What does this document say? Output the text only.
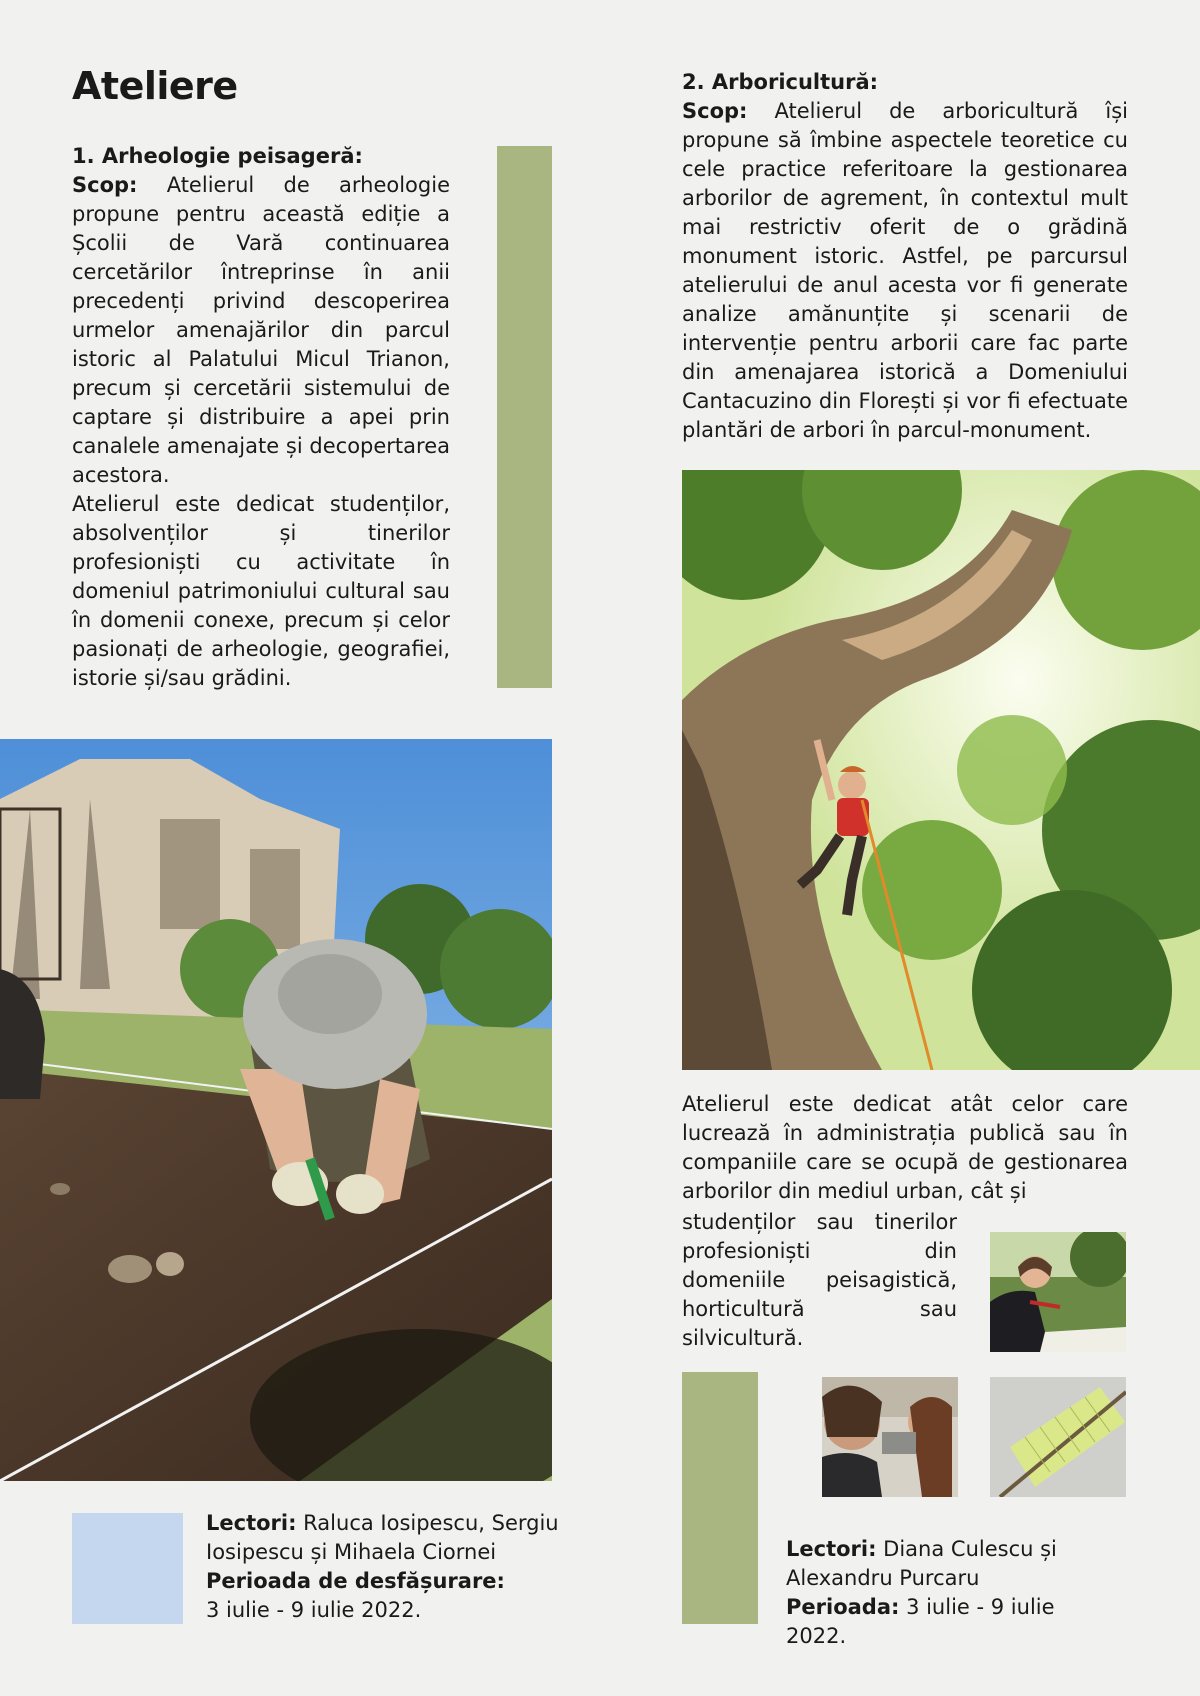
Ateliere

1. Arheologie peisageră:
Scop: Atelierul de arheologie propune pentru această ediție a Școlii de Vară continuarea cercetărilor întreprinse în anii precedenți privind descoperirea urmelor amenajărilor din parcul istoric al Palatului Micul Trianon, precum și cercetării sistemului de captare și distribuire a apei prin canalele amenajate și decopertarea acestora.

Atelierul este dedicat studenților, absolvenților și tinerilor profesioniști cu activitate în domeniul patrimoniului cultural sau în domenii conexe, precum și celor pasionați de arheologie, geografiei, istorie și/sau grădini.

Lectori: Raluca Iosipescu, Sergiu Iosipescu și Mihaela Ciornei
Perioada de desfășurare:
3 iulie - 9 iulie 2022.

2. Arboricultură:
Scop: Atelierul de arboricultură își propune să îmbine aspectele teoretice cu cele practice referitoare la gestionarea arborilor de agrement, în contextul mult mai restrictiv oferit de o grădină monument istoric. Astfel, pe parcursul atelierului de anul acesta vor fi generate analize amănunțite și scenarii de intervenție pentru arborii care fac parte din amenajarea istorică a Domeniului Cantacuzino din Florești și vor fi efectuate plantări de arbori în parcul-monument.

Atelierul este dedicat atât celor care lucrează în administrația publică sau în companiile care se ocupă de gestionarea arborilor din mediul urban, cât și
studenților sau tinerilor profesioniști din domeniile peisagistică, horticultură sau silvicultură.

Lectori: Diana Culescu și Alexandru Purcaru
Perioada: 3 iulie - 9 iulie 2022.
